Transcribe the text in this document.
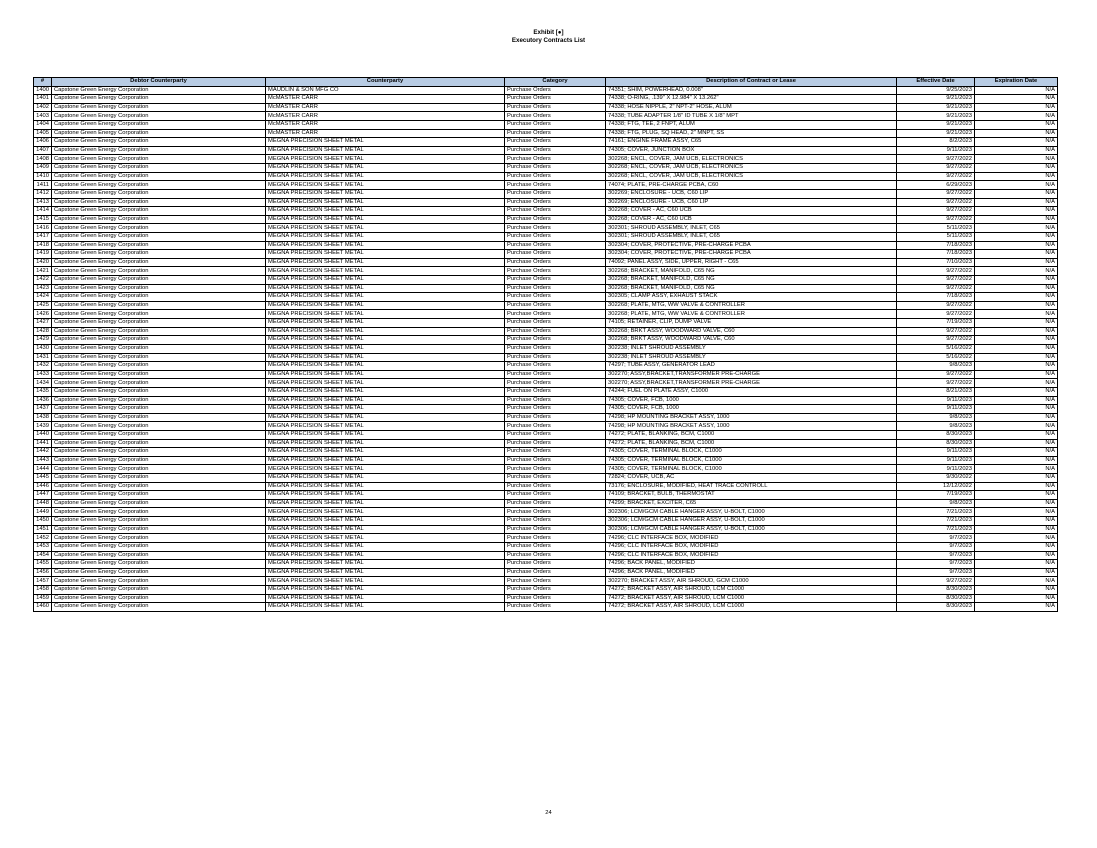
Exhibit [●]
Executory Contracts List
#	Debtor Counterparty	Counterparty	Category	Description of Contract or Lease	Effective Date	Expiration Date
1400	Capstone Green Energy Corporation	MAUDLIN & SON MFG CO	Purchase Orders	74351; SHIM, POWERHEAD, 0.008"	9/25/2023	N/A
1401	Capstone Green Energy Corporation	McMASTER CARR	Purchase Orders	74338; O-RING, .139" X 12.984" X 13.262"	9/21/2023	N/A
1402	Capstone Green Energy Corporation	McMASTER CARR	Purchase Orders	74338; HOSE NIPPLE, 2" NPT-2" HOSE, ALUM	9/21/2023	N/A
1403	Capstone Green Energy Corporation	McMASTER CARR	Purchase Orders	74338; TUBE ADAPTER 1/8" ID TUBE X 1/8" MPT	9/21/2023	N/A
1404	Capstone Green Energy Corporation	McMASTER CARR	Purchase Orders	74338; FTG, TEE, 2 FNPT, ALUM	9/21/2023	N/A
1405	Capstone Green Energy Corporation	McMASTER CARR	Purchase Orders	74338; FTG, PLUG, SQ HEAD, 2" MNPT, SS	9/21/2023	N/A
1406	Capstone Green Energy Corporation	MEGNA PRECISION SHEET METAL	Purchase Orders	74161; ENGINE FRAME ASSY, C65	8/2/2023	N/A
1407	Capstone Green Energy Corporation	MEGNA PRECISION SHEET METAL	Purchase Orders	74305; COVER, JUNCTION BOX	9/11/2023	N/A
1408	Capstone Green Energy Corporation	MEGNA PRECISION SHEET METAL	Purchase Orders	302268; ENCL, COVER, JAM UCB, ELECTRONICS	9/27/2022	N/A
1409	Capstone Green Energy Corporation	MEGNA PRECISION SHEET METAL	Purchase Orders	302268; ENCL, COVER, JAM UCB, ELECTRONICS	9/27/2022	N/A
1410	Capstone Green Energy Corporation	MEGNA PRECISION SHEET METAL	Purchase Orders	302268; ENCL, COVER, JAM UCB, ELECTRONICS	9/27/2022	N/A
1411	Capstone Green Energy Corporation	MEGNA PRECISION SHEET METAL	Purchase Orders	74074; PLATE, PRE-CHARGE PCBA, C60	6/29/2023	N/A
1412	Capstone Green Energy Corporation	MEGNA PRECISION SHEET METAL	Purchase Orders	302269; ENCLOSURE - UCB, C60 LIP	9/27/2022	N/A
1413	Capstone Green Energy Corporation	MEGNA PRECISION SHEET METAL	Purchase Orders	302269; ENCLOSURE - UCB, C60 LIP	9/27/2022	N/A
1414	Capstone Green Energy Corporation	MEGNA PRECISION SHEET METAL	Purchase Orders	302268; COVER - AC, C60 UCB	9/27/2022	N/A
1415	Capstone Green Energy Corporation	MEGNA PRECISION SHEET METAL	Purchase Orders	302268; COVER - AC, C60 UCB	9/27/2022	N/A
1416	Capstone Green Energy Corporation	MEGNA PRECISION SHEET METAL	Purchase Orders	302301; SHROUD ASSEMBLY, INLET, C65	5/11/2023	N/A
1417	Capstone Green Energy Corporation	MEGNA PRECISION SHEET METAL	Purchase Orders	302301; SHROUD ASSEMBLY, INLET, C65	5/11/2023	N/A
1418	Capstone Green Energy Corporation	MEGNA PRECISION SHEET METAL	Purchase Orders	302304; COVER, PROTECTIVE, PRE-CHARGE PCBA	7/18/2023	N/A
1419	Capstone Green Energy Corporation	MEGNA PRECISION SHEET METAL	Purchase Orders	302304; COVER, PROTECTIVE, PRE-CHARGE PCBA	7/18/2023	N/A
1420	Capstone Green Energy Corporation	MEGNA PRECISION SHEET METAL	Purchase Orders	74092; PANEL ASSY, SIDE, UPPER, RIGHT - C65	7/10/2023	N/A
1421	Capstone Green Energy Corporation	MEGNA PRECISION SHEET METAL	Purchase Orders	302268; BRACKET, MANIFOLD, C65 NG	9/27/2022	N/A
1422	Capstone Green Energy Corporation	MEGNA PRECISION SHEET METAL	Purchase Orders	302268; BRACKET, MANIFOLD, C65 NG	9/27/2022	N/A
1423	Capstone Green Energy Corporation	MEGNA PRECISION SHEET METAL	Purchase Orders	302268; BRACKET, MANIFOLD, C65 NG	9/27/2022	N/A
1424	Capstone Green Energy Corporation	MEGNA PRECISION SHEET METAL	Purchase Orders	302305; CLAMP ASSY, EXHAUST STACK	7/18/2023	N/A
1425	Capstone Green Energy Corporation	MEGNA PRECISION SHEET METAL	Purchase Orders	302268; PLATE, MTG, WW VALVE & CONTROLLER	9/27/2022	N/A
1426	Capstone Green Energy Corporation	MEGNA PRECISION SHEET METAL	Purchase Orders	302268; PLATE, MTG, WW VALVE & CONTROLLER	9/27/2022	N/A
1427	Capstone Green Energy Corporation	MEGNA PRECISION SHEET METAL	Purchase Orders	74105; RETAINER, CLIP, DUMP VALVE	7/19/2023	N/A
1428	Capstone Green Energy Corporation	MEGNA PRECISION SHEET METAL	Purchase Orders	302268; BRKT ASSY, WOODWARD VALVE, C60	9/27/2022	N/A
1429	Capstone Green Energy Corporation	MEGNA PRECISION SHEET METAL	Purchase Orders	302268; BRKT ASSY, WOODWARD VALVE, C60	9/27/2022	N/A
1430	Capstone Green Energy Corporation	MEGNA PRECISION SHEET METAL	Purchase Orders	302238; INLET SHROUD ASSEMBLY	5/16/2022	N/A
1431	Capstone Green Energy Corporation	MEGNA PRECISION SHEET METAL	Purchase Orders	302238; INLET SHROUD ASSEMBLY	5/16/2022	N/A
1432	Capstone Green Energy Corporation	MEGNA PRECISION SHEET METAL	Purchase Orders	74297; TUBE ASSY, GENERATOR LEAD	9/8/2023	N/A
1433	Capstone Green Energy Corporation	MEGNA PRECISION SHEET METAL	Purchase Orders	302270; ASSY,BRACKET,TRANSFORMER PRE-CHARGE	9/27/2022	N/A
1434	Capstone Green Energy Corporation	MEGNA PRECISION SHEET METAL	Purchase Orders	302270; ASSY,BRACKET,TRANSFORMER PRE-CHARGE	9/27/2022	N/A
1435	Capstone Green Energy Corporation	MEGNA PRECISION SHEET METAL	Purchase Orders	74244; FUEL ON PLATE ASSY, C1000	8/21/2023	N/A
1436	Capstone Green Energy Corporation	MEGNA PRECISION SHEET METAL	Purchase Orders	74305; COVER, FCB, 1000	9/11/2023	N/A
1437	Capstone Green Energy Corporation	MEGNA PRECISION SHEET METAL	Purchase Orders	74305; COVER, FCB, 1000	9/11/2023	N/A
1438	Capstone Green Energy Corporation	MEGNA PRECISION SHEET METAL	Purchase Orders	74298; HP MOUNTING BRACKET ASSY, 1000	9/8/2023	N/A
1439	Capstone Green Energy Corporation	MEGNA PRECISION SHEET METAL	Purchase Orders	74298; HP MOUNTING BRACKET ASSY, 1000	9/8/2023	N/A
1440	Capstone Green Energy Corporation	MEGNA PRECISION SHEET METAL	Purchase Orders	74272; PLATE, BLANKING, BCM, C1000	8/30/2023	N/A
1441	Capstone Green Energy Corporation	MEGNA PRECISION SHEET METAL	Purchase Orders	74272; PLATE, BLANKING, BCM, C1000	8/30/2023	N/A
1442	Capstone Green Energy Corporation	MEGNA PRECISION SHEET METAL	Purchase Orders	74305; COVER, TERMINAL BLOCK, C1000	9/11/2023	N/A
1443	Capstone Green Energy Corporation	MEGNA PRECISION SHEET METAL	Purchase Orders	74305; COVER, TERMINAL BLOCK, C1000	9/11/2023	N/A
1444	Capstone Green Energy Corporation	MEGNA PRECISION SHEET METAL	Purchase Orders	74305; COVER, TERMINAL BLOCK, C1000	9/11/2023	N/A
1445	Capstone Green Energy Corporation	MEGNA PRECISION SHEET METAL	Purchase Orders	72824; COVER, UCB, AC	9/30/2022	N/A
1446	Capstone Green Energy Corporation	MEGNA PRECISION SHEET METAL	Purchase Orders	73176; ENCLOSURE, MODIFIED, HEAT TRACE CONTROLL	12/12/2022	N/A
1447	Capstone Green Energy Corporation	MEGNA PRECISION SHEET METAL	Purchase Orders	74109; BRACKET, BULB, THERMOSTAT	7/19/2023	N/A
1448	Capstone Green Energy Corporation	MEGNA PRECISION SHEET METAL	Purchase Orders	74299; BRACKET, EXCITER, C65	9/8/2023	N/A
1449	Capstone Green Energy Corporation	MEGNA PRECISION SHEET METAL	Purchase Orders	302306; LCM/GCM CABLE HANGER ASSY, U-BOLT, C1000	7/21/2023	N/A
1450	Capstone Green Energy Corporation	MEGNA PRECISION SHEET METAL	Purchase Orders	302306; LCM/GCM CABLE HANGER ASSY, U-BOLT, C1000	7/21/2023	N/A
1451	Capstone Green Energy Corporation	MEGNA PRECISION SHEET METAL	Purchase Orders	302306; LCM/GCM CABLE HANGER ASSY, U-BOLT, C1000	7/21/2023	N/A
1452	Capstone Green Energy Corporation	MEGNA PRECISION SHEET METAL	Purchase Orders	74296; CLC INTERFACE BOX, MODIFIED	9/7/2023	N/A
1453	Capstone Green Energy Corporation	MEGNA PRECISION SHEET METAL	Purchase Orders	74296; CLC INTERFACE BOX, MODIFIED	9/7/2023	N/A
1454	Capstone Green Energy Corporation	MEGNA PRECISION SHEET METAL	Purchase Orders	74296; CLC INTERFACE BOX, MODIFIED	9/7/2023	N/A
1455	Capstone Green Energy Corporation	MEGNA PRECISION SHEET METAL	Purchase Orders	74296; BACK PANEL, MODIFIED	9/7/2023	N/A
1456	Capstone Green Energy Corporation	MEGNA PRECISION SHEET METAL	Purchase Orders	74296; BACK PANEL, MODIFIED	9/7/2023	N/A
1457	Capstone Green Energy Corporation	MEGNA PRECISION SHEET METAL	Purchase Orders	302270; BRACKET ASSY, AIR SHROUD, GCM C1000	9/27/2022	N/A
1458	Capstone Green Energy Corporation	MEGNA PRECISION SHEET METAL	Purchase Orders	74272; BRACKET ASSY, AIR SHROUD, LCM C1000	8/30/2023	N/A
1459	Capstone Green Energy Corporation	MEGNA PRECISION SHEET METAL	Purchase Orders	74272; BRACKET ASSY, AIR SHROUD, LCM C1000	8/30/2023	N/A
1460	Capstone Green Energy Corporation	MEGNA PRECISION SHEET METAL	Purchase Orders	74272; BRACKET ASSY, AIR SHROUD, LCM C1000	8/30/2023	N/A
24
